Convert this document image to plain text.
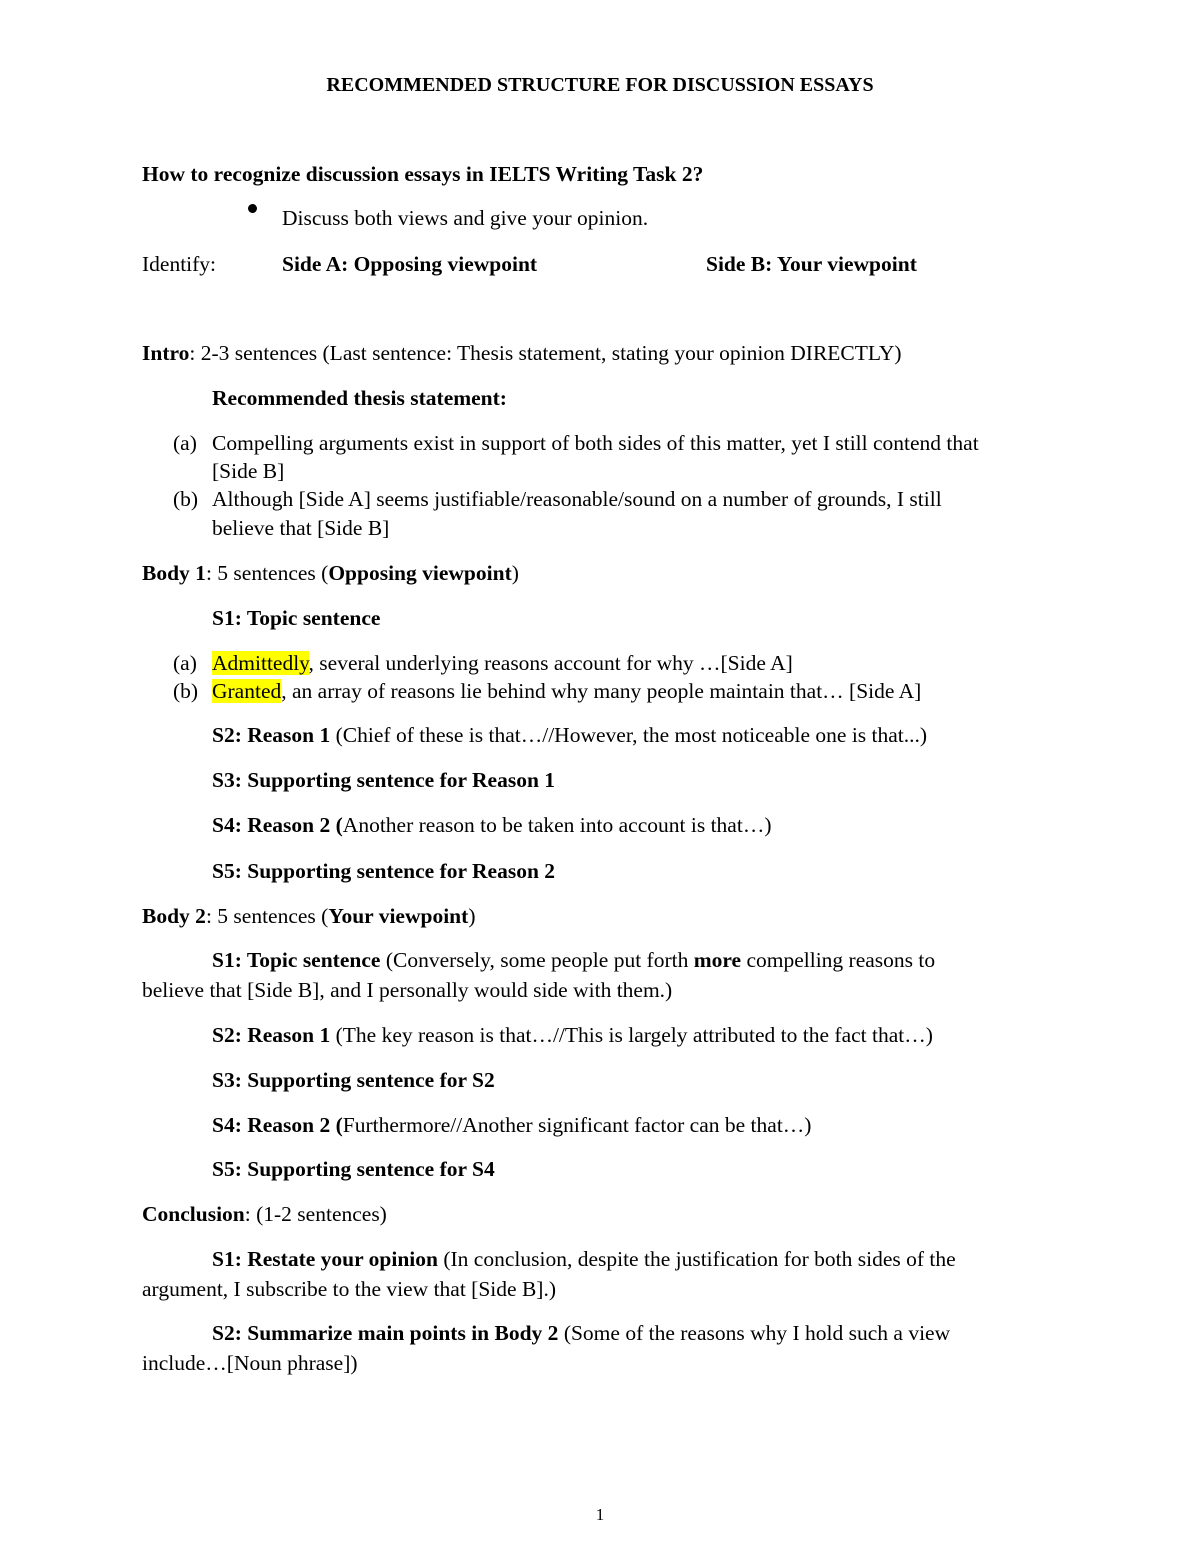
RECOMMENDED STRUCTURE FOR DISCUSSION ESSAYS
How to recognize discussion essays in IELTS Writing Task 2?
Discuss both views and give your opinion.
Identify:	Side A: Opposing viewpoint	Side B: Your viewpoint
Intro: 2-3 sentences (Last sentence: Thesis statement, stating your opinion DIRECTLY)
Recommended thesis statement:
(a) Compelling arguments exist in support of both sides of this matter, yet I still contend that
[Side B]
(b) Although [Side A] seems justifiable/reasonable/sound on a number of grounds, I still
believe that [Side B]
Body 1: 5 sentences (Opposing viewpoint)
S1: Topic sentence
(a) Admittedly, several underlying reasons account for why …[Side A]
(b) Granted, an array of reasons lie behind why many people maintain that… [Side A]
S2: Reason 1 (Chief of these is that…//However, the most noticeable one is that...)
S3: Supporting sentence for Reason 1
S4: Reason 2 (Another reason to be taken into account is that…)
S5: Supporting sentence for Reason 2
Body 2: 5 sentences (Your viewpoint)
S1: Topic sentence (Conversely, some people put forth more compelling reasons to
believe that [Side B], and I personally would side with them.)
S2: Reason 1 (The key reason is that…//This is largely attributed to the fact that…)
S3: Supporting sentence for S2
S4: Reason 2 (Furthermore//Another significant factor can be that…)
S5: Supporting sentence for S4
Conclusion: (1-2 sentences)
S1: Restate your opinion (In conclusion, despite the justification for both sides of the
argument, I subscribe to the view that [Side B].)
S2: Summarize main points in Body 2 (Some of the reasons why I hold such a view
include…[Noun phrase])
1
